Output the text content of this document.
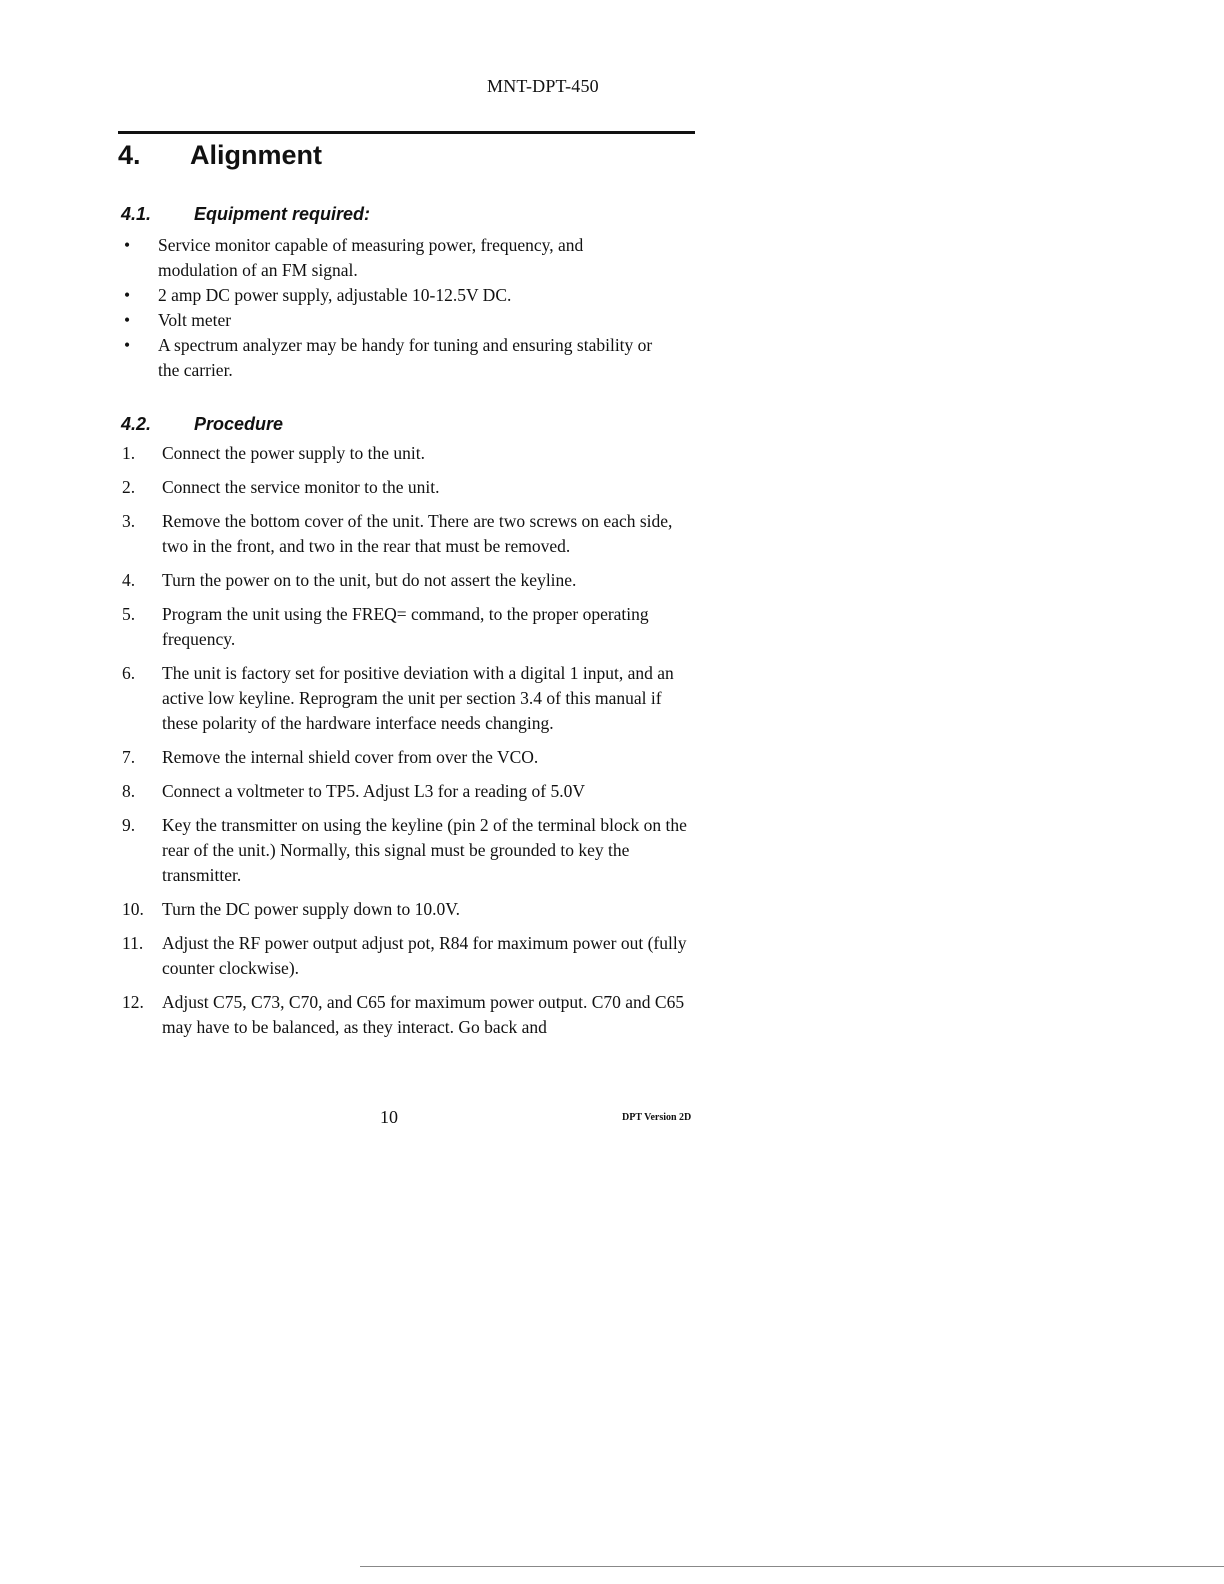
MNT-DPT-450
4.	Alignment
4.1.	Equipment required:
• Service monitor capable of measuring power, frequency, and modulation of an FM signal.
• 2 amp DC power supply, adjustable 10-12.5V DC.
• Volt meter
• A spectrum analyzer may be handy for tuning and ensuring stability or the carrier.
4.2.	Procedure
1.	Connect the power supply to the unit.
2.	Connect the service monitor to the unit.
3.	Remove the bottom cover of the unit. There are two screws on each side, two in the front, and two in the rear that must be removed.
4.	Turn the power on to the unit, but do not assert the keyline.
5.	Program the unit using the FREQ= command, to the proper operating frequency.
6.	The unit is factory set for positive deviation with a digital 1 input, and an active low keyline. Reprogram the unit per section 3.4 of this manual if these polarity of the hardware interface needs changing.
7.	Remove the internal shield cover from over the VCO.
8.	Connect a voltmeter to TP5. Adjust L3 for a reading of 5.0V
9.	Key the transmitter on using the keyline (pin 2 of the terminal block on the rear of the unit.) Normally, this signal must be grounded to key the transmitter.
10.	Turn the DC power supply down to 10.0V.
11.	Adjust the RF power output adjust pot, R84 for maximum power out (fully counter clockwise).
12.	Adjust C75, C73, C70, and C65 for maximum power output. C70 and C65 may have to be balanced, as they interact. Go back and
10	DPT Version 2D
